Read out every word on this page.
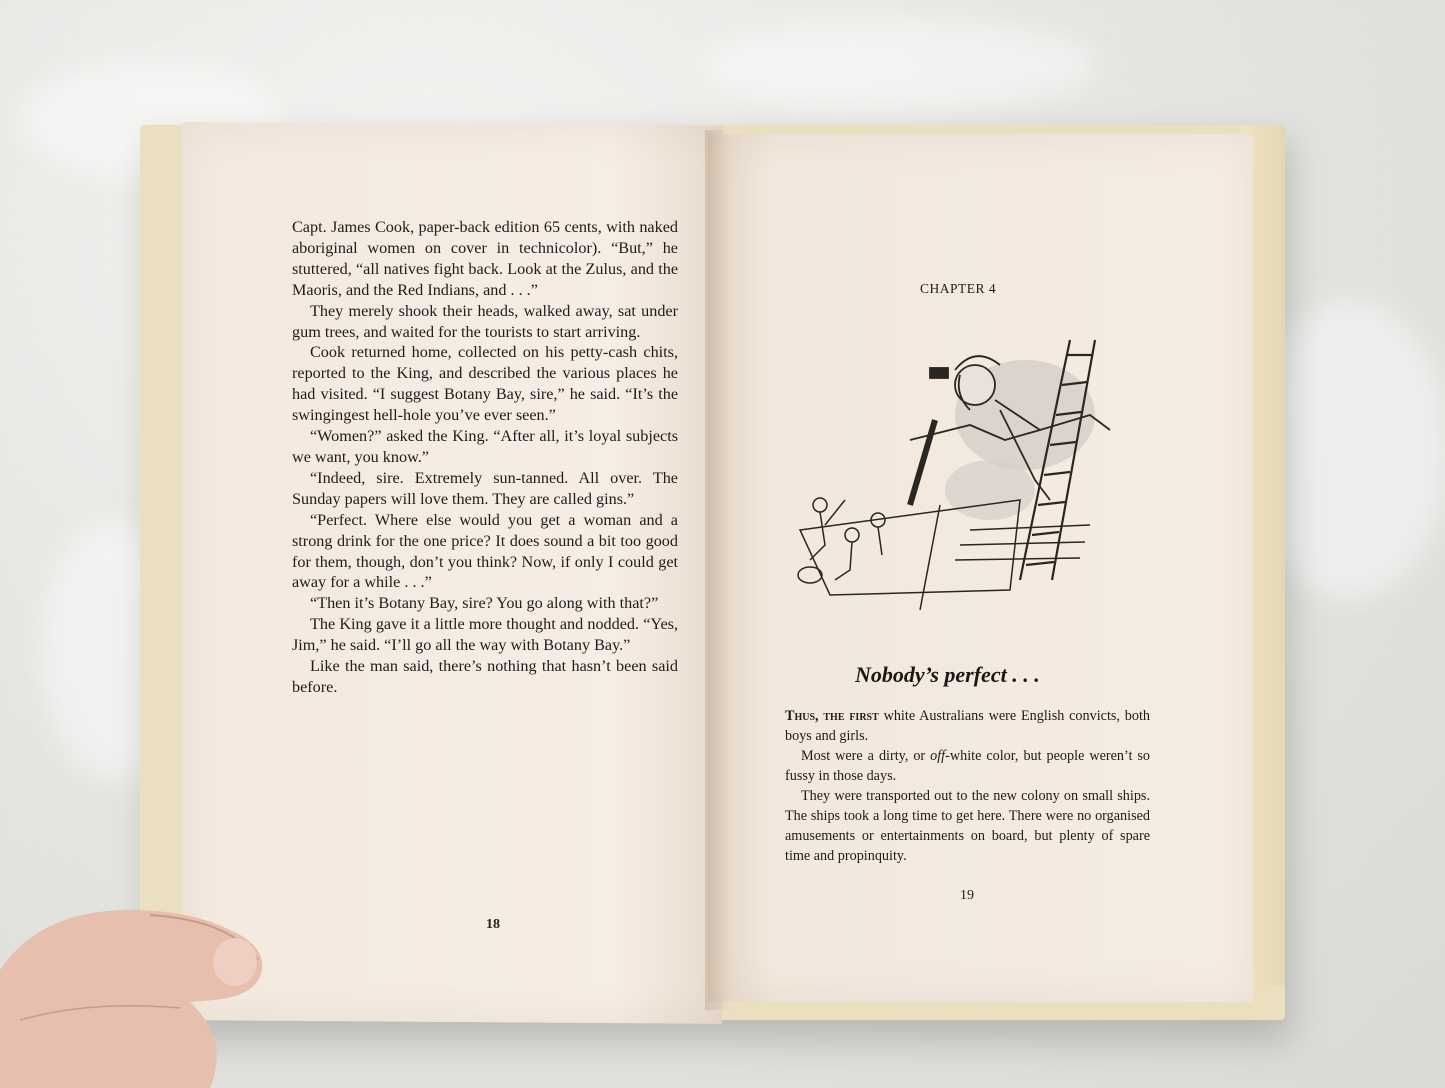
Capt. James Cook, paper-back edition 65 cents, with naked aboriginal women on cover in technicolor). “But,” he stuttered, “all natives fight back. Look at the Zulus, and the Maoris, and the Red Indians, and . . .”

They merely shook their heads, walked away, sat under gum trees, and waited for the tourists to start arriving.

Cook returned home, collected on his petty-cash chits, reported to the King, and described the various places he had visited. “I suggest Botany Bay, sire,” he said. “It’s the swingingest hell-hole you’ve ever seen.”

“Women?” asked the King. “After all, it’s loyal subjects we want, you know.”

“Indeed, sire. Extremely sun-tanned. All over. The Sunday papers will love them. They are called gins.”

“Perfect. Where else would you get a woman and a strong drink for the one price? It does sound a bit too good for them, though, don’t you think? Now, if only I could get away for a while . . .”

“Then it’s Botany Bay, sire? You go along with that?”

The King gave it a little more thought and nodded. “Yes, Jim,” he said. “I’ll go all the way with Botany Bay.”

Like the man said, there’s nothing that hasn’t been said before.

18
CHAPTER 4
Nobody’s perfect . . .

Thus, the first white Australians were English convicts, both boys and girls.

Most were a dirty, or off-white color, but people weren’t so fussy in those days.

They were transported out to the new colony on small ships. The ships took a long time to get here. There were no organised amusements or entertainments on board, but plenty of spare time and propinquity.

19
